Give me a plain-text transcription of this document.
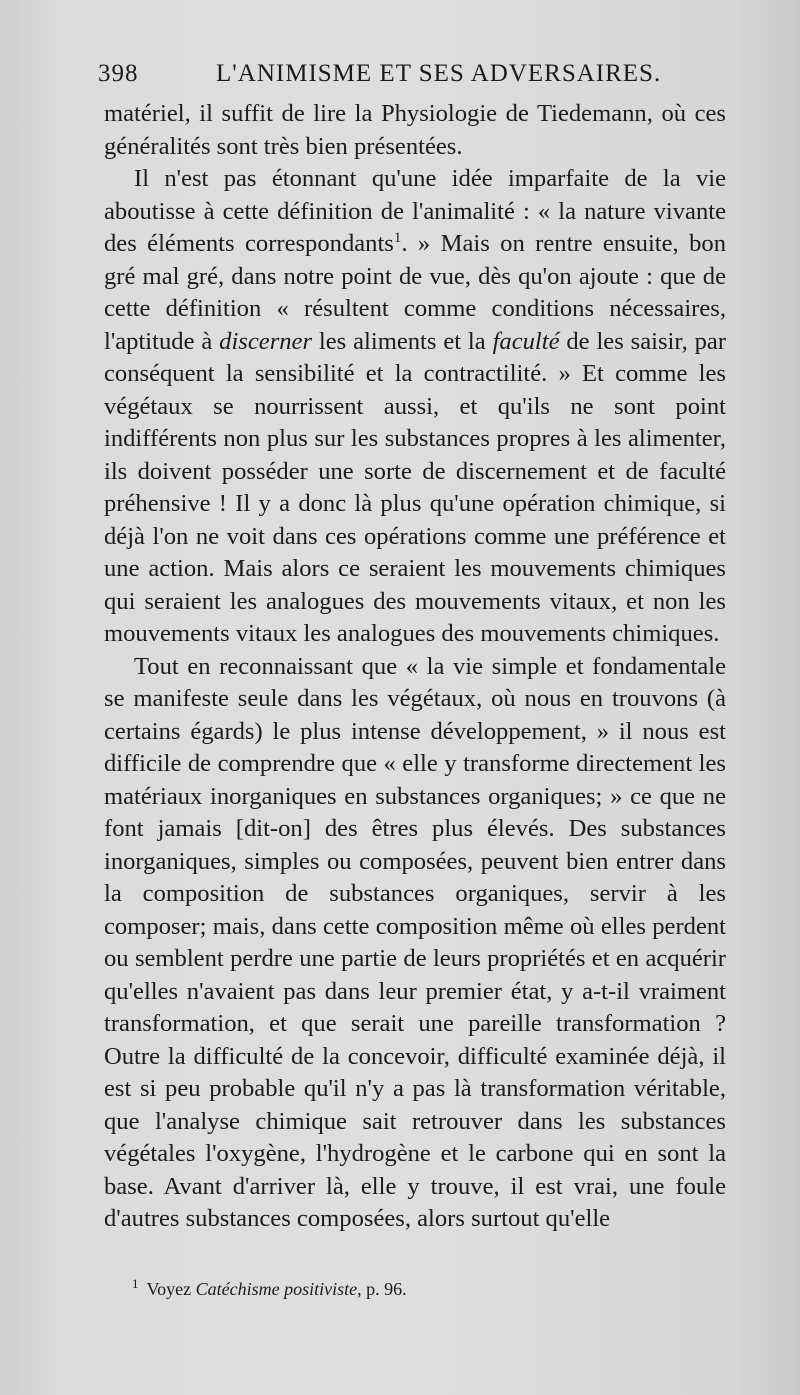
398	L'ANIMISME ET SES ADVERSAIRES.

matériel, il suffit de lire la Physiologie de Tiedemann, où ces généralités sont très bien présentées.

Il n'est pas étonnant qu'une idée imparfaite de la vie aboutisse à cette définition de l'animalité : « la nature vivante des éléments correspondants$^1$. » Mais on rentre ensuite, bon gré mal gré, dans notre point de vue, dès qu'on ajoute : que de cette définition « résultent comme conditions nécessaires, l'aptitude à discerner les aliments et la faculté de les saisir, par conséquent la sensibilité et la contractilité. » Et comme les végétaux se nourrissent aussi, et qu'ils ne sont point indifférents non plus sur les substances propres à les alimenter, ils doivent posséder une sorte de discernement et de faculté préhensive ! Il y a donc là plus qu'une opération chimique, si déjà l'on ne voit dans ces opérations comme une préférence et une action. Mais alors ce seraient les mouvements chimiques qui seraient les analogues des mouvements vitaux, et non les mouvements vitaux les analogues des mouvements chimiques.

Tout en reconnaissant que « la vie simple et fondamentale se manifeste seule dans les végétaux, où nous en trouvons (à certains égards) le plus intense développement, » il nous est difficile de comprendre que « elle y transforme directement les matériaux inorganiques en substances organiques; » ce que ne font jamais [dit-on] des êtres plus élevés. Des substances inorganiques, simples ou composées, peuvent bien entrer dans la composition de substances organiques, servir à les composer; mais, dans cette composition même où elles perdent ou semblent perdre une partie de leurs propriétés et en acquérir qu'elles n'avaient pas dans leur premier état, y a-t-il vraiment transformation, et que serait une pareille transformation ? Outre la difficulté de la concevoir, difficulté examinée déjà, il est si peu probable qu'il n'y a pas là transformation véritable, que l'analyse chimique sait retrouver dans les substances végétales l'oxygène, l'hydrogène et le carbone qui en sont la base. Avant d'arriver là, elle y trouve, il est vrai, une foule d'autres substances composées, alors surtout qu'elle

$^1$ Voyez Catéchisme positiviste, p. 96.
